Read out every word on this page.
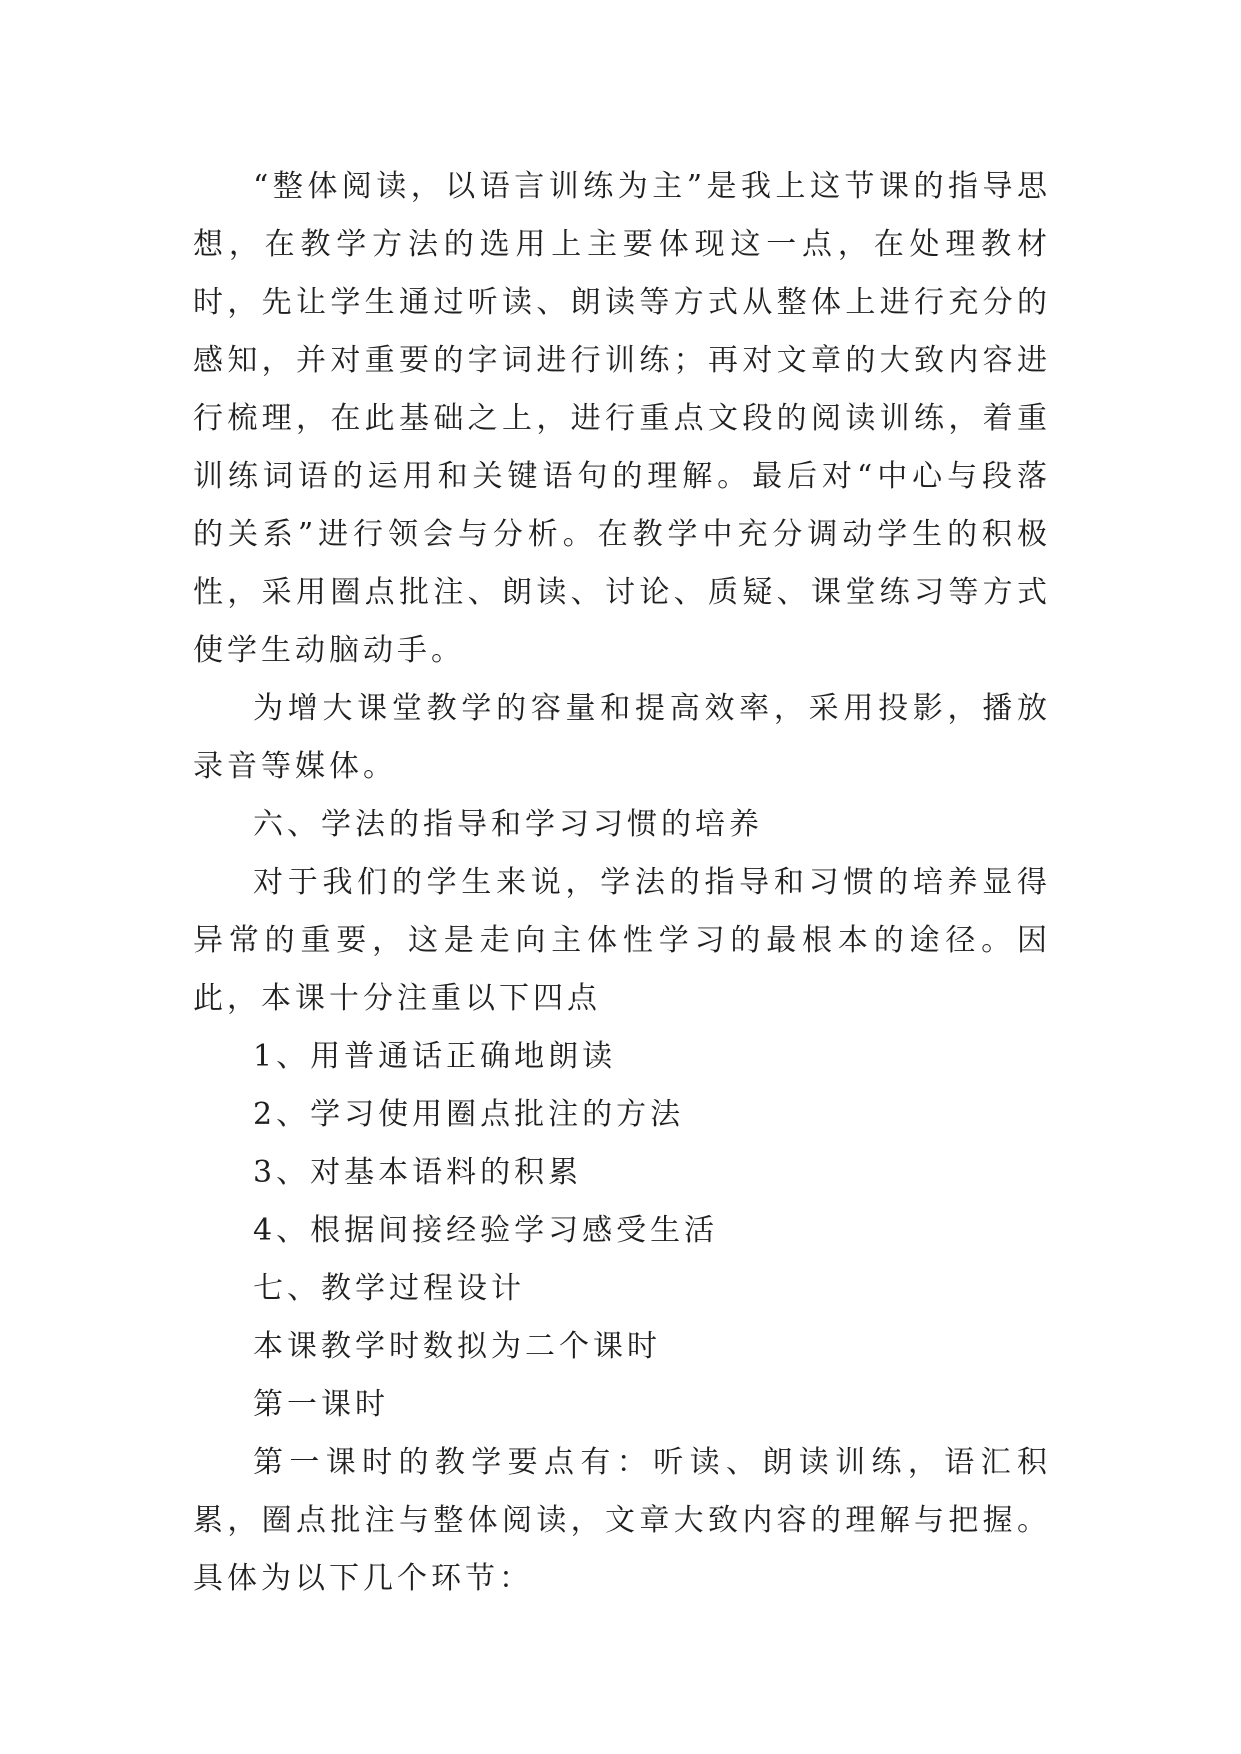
“整体阅读，以语言训练为主”是我上这节课的指导思想，在教学方法的选用上主要体现这一点，在处理教材时，先让学生通过听读、朗读等方式从整体上进行充分的感知，并对重要的字词进行训练；再对文章的大致内容进行梳理，在此基础之上，进行重点文段的阅读训练，着重训练词语的运用和关键语句的理解。最后对“中心与段落的关系”进行领会与分析。在教学中充分调动学生的积极性，采用圈点批注、朗读、讨论、质疑、课堂练习等方式使学生动脑动手。

为增大课堂教学的容量和提高效率，采用投影，播放录音等媒体。

六、学法的指导和学习习惯的培养

对于我们的学生来说，学法的指导和习惯的培养显得异常的重要，这是走向主体性学习的最根本的途径。因此，本课十分注重以下四点

1、用普通话正确地朗读

2、学习使用圈点批注的方法

3、对基本语料的积累

4、根据间接经验学习感受生活

七、教学过程设计

本课教学时数拟为二个课时

第一课时

第一课时的教学要点有：听读、朗读训练，语汇积累，圈点批注与整体阅读，文章大致内容的理解与把握。具体为以下几个环节：
